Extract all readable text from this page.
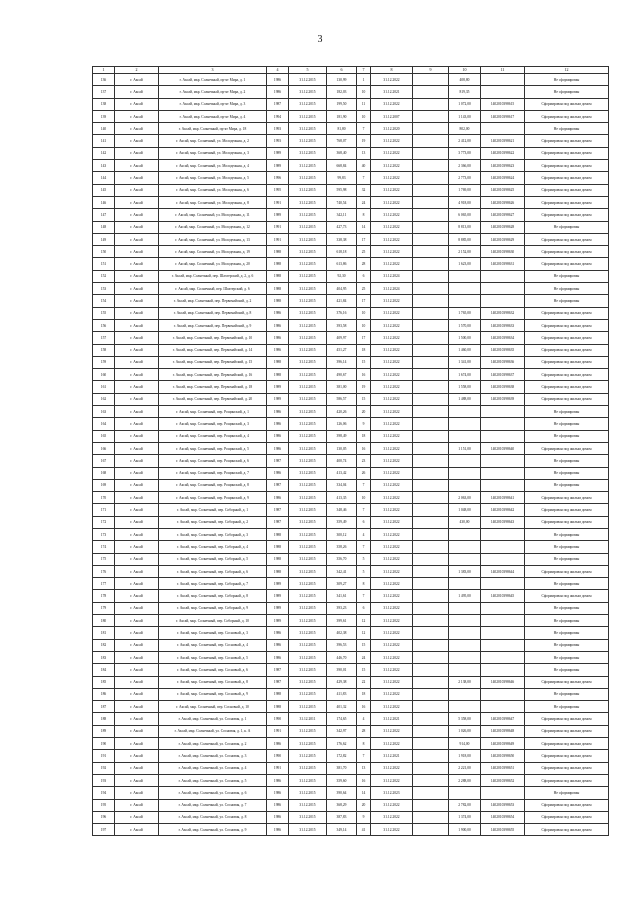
3
1	2	3	4	5	6	7	8	9	10	11	12
136	г. Аксай	г. Аксай, мкр. Солнечный, пр-кт Мира, д. 1	1986	31.12.2015	130,99	1	31.12.2022		408,80		Не сформирован
137	г. Аксай	г. Аксай, мкр. Солнечный, пр-кт Мира, д. 2	1986	31.12.2015	182,03	10	31.12.2021		819,35		Не сформирован
138	г. Аксай	г. Аксай, мкр. Солнечный, пр-кт Мира, д. 3	1987	31.12.2015	199,50	11	31.12.2022		1 072,00	1402010398615	Сформирован под жилым домом
139	г. Аксай	г. Аксай, мкр. Солнечный, пр-кт Мира, д. 4	1994	31.12.2015	181,90	10	31.12.2007		1 143,00	1402010398617	Сформирован под жилым домом
140	г. Аксай	г. Аксай, мкр. Солнечный, пр-кт Мира, д. 18	1993	31.12.2015	81,80	7	31.12.2020		802,00		Не сформирован
141	г. Аксай	г. Аксай, мкр. Солнечный, ул. Молодежная, д. 2	1993	31.12.2015	768,07	19	31.12.2022		2 412,00	1402010398621	Сформирован под жилым домом
142	г. Аксай	г. Аксай, мкр. Солнечный, ул. Молодежная, д. 3	1989	31.12.2015	368,40	13	31.12.2022		3 773,00	1402010398622	Сформирован под жилым домом
143	г. Аксай	г. Аксай, мкр. Солнечный, ул. Молодежная, д. 4	1989	31.12.2015	668,84	40	31.12.2022		2 366,00	1402010398623	Сформирован под жилым домом
144	г. Аксай	г. Аксай, мкр. Солнечный, ул. Молодежная, д. 5	1996	31.12.2015	99,83	7	31.12.2022		2 773,00	1402010398624	Сформирован под жилым домом
145	г. Аксай	г. Аксай, мкр. Солнечный, ул. Молодежная, д. 6	1995	31.12.2015	595,98	32	31.12.2022		1 769,00	1402010398625	Сформирован под жилым домом
146	г. Аксай	г. Аксай, мкр. Солнечный, ул. Молодежная, д. 8	1991	31.12.2015	740,54	24	31.12.2022		4 918,00	1402010398626	Сформирован под жилым домом
147	г. Аксай	г. Аксай, мкр. Солнечный, ул. Молодежная, д. 11	1989	31.12.2015	342,11	8	31.12.2022		6 065,00	1402010398627	Сформирован под жилым домом
148	г. Аксай	г. Аксай, мкр. Солнечный, ул. Молодежная, д. 12	1991	31.12.2015	427,73	14	31.12.2022		8 813,00	1402010398628	Не сформирован
149	г. Аксай	г. Аксай, мкр. Солнечный, ул. Молодежная, д. 13	1991	31.12.2015	338,38	17	31.12.2022		8 885,00	1402010398629	Сформирован под жилым домом
150	г. Аксай	г. Аксай, мкр. Солнечный, ул. Молодежная, д. 19	1988	31.12.2015	618,18	25	31.12.2022		2 152,00	1402010398630	Сформирован под жилым домом
151	г. Аксай	г. Аксай, мкр. Солнечный, ул. Молодежная, д. 20	1988	31.12.2015	613,86	28	31.12.2022		1 623,00	1402010398631	Сформирован под жилым домом
152	г. Аксай	г. Аксай, мкр. Солнечный, пер. Шахтерский, д. 2, д. 6	1988	31.12.2015	92,30	6	31.12.2024				Не сформирован
153	г. Аксай	г. Аксай, мкр. Солнечный, пер. Шахтерский, д. 6	1988	31.12.2015	404,95	25	31.12.2024				Не сформирован
154	г. Аксай	г. Аксай, мкр. Солнечный, пер. Первомайский, д. 2	1988	31.12.2015	421,84	17	31.12.2022				Не сформирован
155	г. Аксай	г. Аксай, мкр. Солнечный, пер. Первомайский, д. 8	1986	31.12.2015	376,16	10	31.12.2022		1 765,00	1402010398632	Сформирован под жилым домом
156	г. Аксай	г. Аксай, мкр. Солнечный, пер. Первомайский, д. 9	1986	31.12.2015	393,58	10	31.12.2022		1 570,00	1402010398633	Сформирован под жилым домом
157	г. Аксай	г. Аксай, мкр. Солнечный, пер. Первомайский, д. 10	1986	31.12.2015	409,97	17	31.12.2022		1 500,00	1402010398634	Сформирован под жилым домом
158	г. Аксай	г. Аксай, мкр. Солнечный, пер. Первомайский, д. 14	1986	31.12.2015	451,27	18	31.12.2022		1 460,00	1402010398635	Сформирован под жилым домом
159	г. Аксай	г. Аксай, мкр. Солнечный, пер. Первомайский, д. 15	1988	31.12.2015	396,14	15	31.12.2022		1 341,00	1402010398636	Сформирован под жилым домом
160	г. Аксай	г. Аксай, мкр. Солнечный, пер. Первомайский, д. 16	1988	31.12.2015	490,67	16	31.12.2022		1 674,00	1402010398637	Сформирован под жилым домом
161	г. Аксай	г. Аксай, мкр. Солнечный, пер. Первомайский, д. 18	1989	31.12.2015	381,00	19	31.12.2022		1 558,00	1402010398638	Сформирован под жилым домом
162	г. Аксай	г. Аксай, мкр. Солнечный, пер. Первомайский, д. 20	1989	31.12.2015	586,57	15	31.12.2022		1 488,00	1402010398639	Сформирован под жилым домом
163	г. Аксай	г. Аксай, мкр. Солнечный, пер. Рощинский, д. 1	1986	31.12.2015	420,26	20	31.12.2022				Не сформирован
164	г. Аксай	г. Аксай, мкр. Солнечный, пер. Рощинский, д. 3	1986	31.12.2015	126,06	9	31.12.2022				Не сформирован
165	г. Аксай	г. Аксай, мкр. Солнечный, пер. Рощинский, д. 4	1986	31.12.2015	398,49	18	31.12.2022				Не сформирован
166	г. Аксай	г. Аксай, мкр. Солнечный, пер. Рощинский, д. 5	1986	31.12.2015	130,05	16	31.12.2022		1 151,00	1402010398640	Сформирован под жилым домом
167	г. Аксай	г. Аксай, мкр. Солнечный, пер. Рощинский, д. 6	1987	31.12.2015	400,74	23	31.12.2022				Не сформирован
168	г. Аксай	г. Аксай, мкр. Солнечный, пер. Рощинский, д. 7	1986	31.12.2015	413,42	26	31.12.2022				Не сформирован
169	г. Аксай	г. Аксай, мкр. Солнечный, пер. Рощинский, д. 8	1987	31.12.2015	334,04	7	31.12.2022				Не сформирован
170	г. Аксай	г. Аксай, мкр. Солнечный, пер. Рощинский, д. 9	1986	31.12.2015	413,35	10	31.12.2022		2 063,00	1402010398641	Сформирован под жилым домом
171	г. Аксай	г. Аксай, мкр. Солнечный, пер. Соборный, д. 1	1987	31.12.2015	348,46	7	31.12.2022		1 048,00	1402010398642	Сформирован под жилым домом
172	г. Аксай	г. Аксай, мкр. Солнечный, пер. Соборный, д. 2	1987	31.12.2015	359,49	6	31.12.2022		430,00	1402010398643	Сформирован под жилым домом
173	г. Аксай	г. Аксай, мкр. Солнечный, пер. Соборный, д. 3	1988	31.12.2015	300,12	4	31.12.2022				Не сформирован
174	г. Аксай	г. Аксай, мкр. Солнечный, пер. Соборный, д. 4	1988	31.12.2015	358,26	7	31.12.2022				Не сформирован
175	г. Аксай	г. Аксай, мкр. Солнечный, пер. Соборный, д. 5	1988	31.12.2015	356,70	5	31.12.2022				Не сформирован
176	г. Аксай	г. Аксай, мкр. Солнечный, пер. Соборный, д. 6	1988	31.12.2015	342,41	5	31.12.2022		1 383,00	1402010398644	Сформирован под жилым домом
177	г. Аксай	г. Аксай, мкр. Солнечный, пер. Соборный, д. 7	1989	31.12.2015	309,27	8	31.12.2022				Не сформирован
178	г. Аксай	г. Аксай, мкр. Солнечный, пер. Соборный, д. 8	1989	31.12.2015	341,61	7	31.12.2022		1 495,00	1402010398645	Сформирован под жилым домом
179	г. Аксай	г. Аксай, мкр. Солнечный, пер. Соборный, д. 9	1989	31.12.2015	393,23	6	31.12.2022				Не сформирован
180	г. Аксай	г. Аксай, мкр. Солнечный, пер. Соборный, д. 10	1989	31.12.2015	399,61	12	31.12.2022				Не сформирован
181	г. Аксай	г. Аксай, мкр. Солнечный, пер. Сосновый, д. 3	1986	31.12.2015	402,38	12	31.12.2022				Не сформирован
182	г. Аксай	г. Аксай, мкр. Солнечный, пер. Сосновый, д. 4	1986	31.12.2015	396,53	15	31.12.2022				Не сформирован
183	г. Аксай	г. Аксай, мкр. Солнечный, пер. Сосновый, д. 5	1986	31.12.2015	446,70	24	31.12.2022				Не сформирован
184	г. Аксай	г. Аксай, мкр. Солнечный, пер. Сосновый, д. 6	1987	31.12.2015	390,01	15	31.12.2022				Не сформирован
185	г. Аксай	г. Аксай, мкр. Солнечный, пер. Сосновый, д. 8	1987	31.12.2015	429,38	22	31.12.2022		2 138,00	1402010398646	Сформирован под жилым домом
186	г. Аксай	г. Аксай, мкр. Солнечный, пер. Сосновый, д. 9	1988	31.12.2015	411,83	18	31.12.2022				Не сформирован
187	г. Аксай	г. Аксай, мкр. Солнечный, пер. Сосновый, д. 10	1988	31.12.2015	401,32	16	31.12.2022				Не сформирован
188	г. Аксай	г. Аксай, мкр. Солнечный, ул. Сосновая, д. 1	1990	31.12.2011	174,65	4	31.12.2021		5 358,00	1402010398647	Сформирован под жилым домом
189	г. Аксай	г. Аксай, мкр. Солнечный, ул. Сосновая, д. 1, к. А	1991	31.12.2015	342,97	28	31.12.2022		1 026,00	1402010398648	Сформирован под жилым домом
190	г. Аксай	г. Аксай, мкр. Солнечный, ул. Сосновая, д. 2	1986	31.12.2015	176,62	8	31.12.2022		914,00	1402010398649	Сформирован под жилым домом
191	г. Аксай	г. Аксай, мкр. Солнечный, ул. Сосновая, д. 3	1990	31.12.2015	172,82	7	31.12.2021		1 918,00	1402010398650	Сформирован под жилым домом
192	г. Аксай	г. Аксай, мкр. Солнечный, ул. Сосновая, д. 4	1991	31.12.2015	381,70	13	31.12.2022		2 221,00	1402010398651	Сформирован под жилым домом
193	г. Аксай	г. Аксай, мкр. Солнечный, ул. Сосновая, д. 5	1986	31.12.2015	359,60	16	31.12.2022		2 288,00	1402010398652	Сформирован под жилым домом
194	г. Аксай	г. Аксай, мкр. Солнечный, ул. Сосновая, д. 6	1986	31.12.2015	390,64	14	31.12.2023				Не сформирован
195	г. Аксай	г. Аксай, мкр. Солнечный, ул. Сосновая, д. 7	1986	31.12.2015	368,29	20	31.12.2022		2 782,00	1402010398653	Сформирован под жилым домом
196	г. Аксай	г. Аксай, мкр. Солнечный, ул. Сосновая, д. 8	1986	31.12.2015	387,83	9	31.12.2022		1 374,00	1402010398654	Сформирован под жилым домом
197	г. Аксай	г. Аксай, мкр. Солнечный, ул. Сосновая, д. 9	1986	31.12.2015	349,14	41	31.12.2022		1 900,00	1402010398655	Сформирован под жилым домом
